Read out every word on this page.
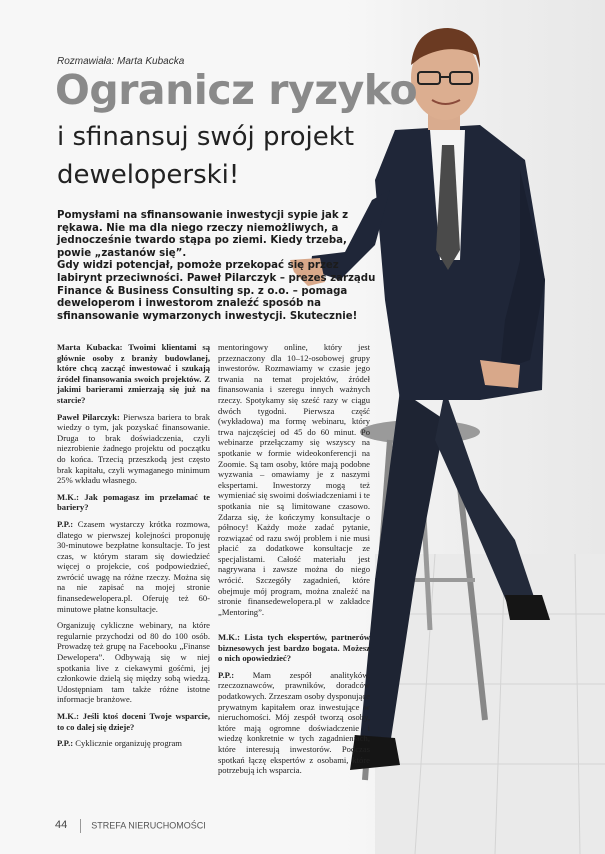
Rozmawiała: Marta Kubacka
Ogranicz ryzyko
i sfinansuj swój projekt deweloperski!

Pomysłami na sfinansowanie inwestycji sypie jak z rękawa. Nie ma dla niego rzeczy niemożliwych, a jednocześnie twardo stąpa po ziemi. Kiedy trzeba, powie „zastanów się”.

Gdy widzi potencjał, pomoże przekopać się przez labirynt przeciwności. Paweł Pilarczyk – prezes zarządu Finance & Business Consulting sp. z o.o. – pomaga deweloperom i inwestorom znaleźć sposób na sfinansowanie wymarzonych inwestycji. Skutecznie!

Marta Kubacka: Twoimi klientami są głównie osoby z branży budowlanej, które chcą zacząć inwestować i szukają źródeł finansowania swoich projektów. Z jakimi barierami zmierzają się już na starcie?

Paweł Pilarczyk: Pierwsza bariera to brak wiedzy o tym, jak pozyskać finansowanie. Druga to brak doświadczenia, czyli niezrobienie żadnego projektu od początku do końca. Trzecią przeszkodą jest często brak kapitału, czyli wymaganego minimum 25% wkładu własnego.

M.K.: Jak pomagasz im przełamać te bariery?

P.P.: Czasem wystarczy krótka rozmowa, dlatego w pierwszej kolejności proponuję 30-minutowe bezpłatne konsultacje. To jest czas, w którym staram się dowiedzieć więcej o projekcie, coś podpowiedzieć, zwrócić uwagę na różne rzeczy. Można się na nie zapisać na mojej stronie finansedewelopera.pl. Oferuję też 60-minutowe płatne konsultacje.

Organizuję cykliczne webinary, na które regularnie przychodzi od 80 do 100 osób. Prowadzę też grupę na Facebooku „Finanse Dewelopera”. Odbywają się w niej spotkania live z ciekawymi gośćmi, jej członkowie dzielą się między sobą wiedzą. Udostępniam tam także różne istotne informacje branżowe.

M.K.: Jeśli ktoś doceni Twoje wsparcie, to co dalej się dzieje?

P.P.: Cyklicznie organizuję program

mentoringowy online, który jest przeznaczony dla 10–12-osobowej grupy inwestorów. Rozmawiamy w czasie jego trwania na temat projektów, źródeł finansowania i szeregu innych ważnych rzeczy. Spotykamy się sześć razy w ciągu dwóch tygodni. Pierwsza część (wykładowa) ma formę webinaru, który trwa najczęściej od 45 do 60 minut. Po webinarze przełączamy się wszyscy na spotkanie w formie wideokonferencji na Zoomie. Są tam osoby, które mają podobne wyzwania – omawiamy je z naszymi ekspertami. Inwestorzy mogą też wymieniać się swoimi doświadczeniami i te spotkania nie są limitowane czasowo. Zdarza się, że kończymy konsultacje o północy! Każdy może zadać pytanie, rozwiązać od razu swój problem i nie musi płacić za dodatkowe konsultacje ze specjalistami. Całość materiału jest nagrywana i zawsze można do niego wrócić. Szczegóły zagadnień, które obejmuje mój program, można znaleźć na stronie finansedewelopera.pl w zakładce „Mentoring”.

M.K.: Lista tych ekspertów, partnerów biznesowych jest bardzo bogata. Możesz o nich opowiedzieć?

P.P.: Mam zespół analityków, rzeczoznawców, prawników, doradców podatkowych. Zrzeszam osoby dysponujące prywatnym kapitałem oraz inwestujące w nieruchomości. Mój zespół tworzą osoby, które mają ogromne doświadczenie i wiedzę konkretnie w tych zagadnieniach, które interesują inwestorów. Podczas spotkań łączę ekspertów z osobami, które potrzebują ich wsparcia.

44	STREFA NIERUCHOMOŚCI
